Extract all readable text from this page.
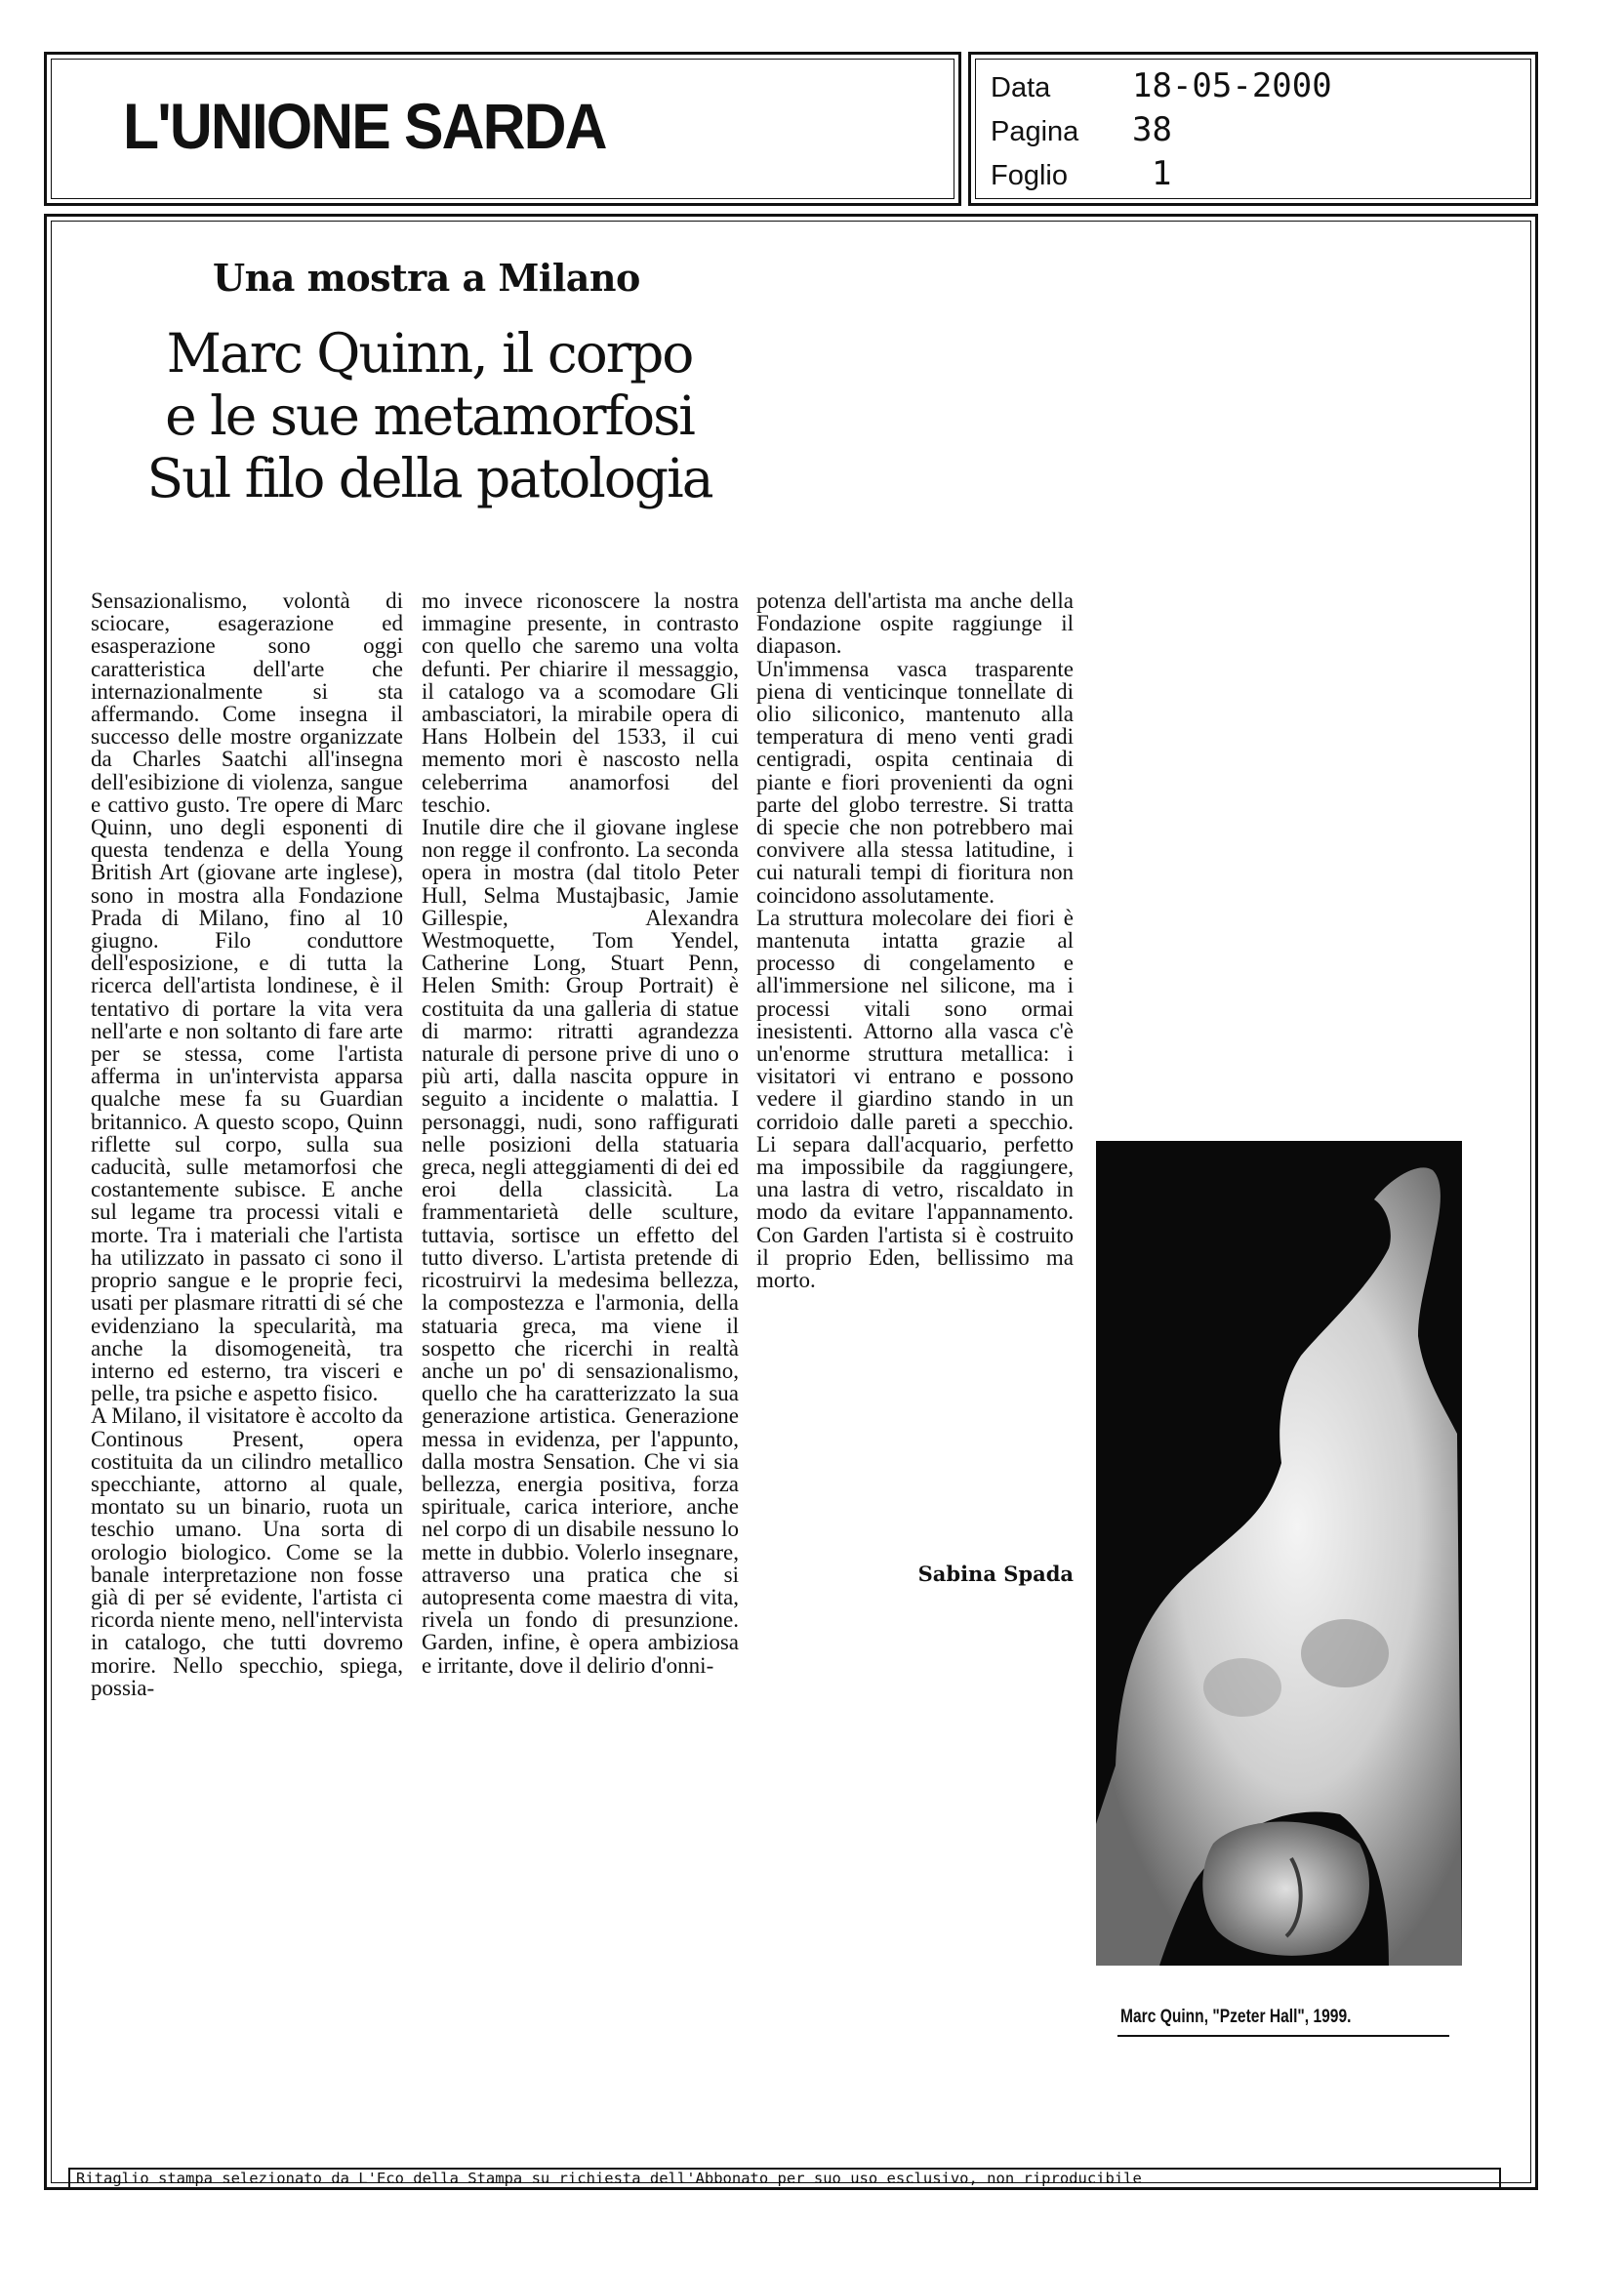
L'UNIONE SARDA
Data 18-05-2000
Pagina 38
Foglio	1
Una mostra a Milano
Marc Quinn, il corpo
e le sue metamorfosi
Sul filo della patologia
Sensazionalismo, volontà di sciocare, esagerazione ed esasperazione sono oggi caratteristica dell'arte che internazionalmente si sta affermando. Come insegna il successo delle mostre organizzate da Charles Saatchi all'insegna dell'esibizione di violenza, sangue e cattivo gusto. Tre opere di Marc Quinn, uno degli esponenti di questa tendenza e della Young British Art (giovane arte inglese), sono in mostra alla Fondazione Prada di Milano, fino al 10 giugno. Filo conduttore dell'esposizione, e di tutta la ricerca dell'artista londinese, è il tentativo di portare la vita vera nell'arte e non soltanto di fare arte per se stessa, come l'artista afferma in un'intervista apparsa qualche mese fa su Guardian britannico. A questo scopo, Quinn riflette sul corpo, sulla sua caducità, sulle metamorfosi che costantemente subisce. E anche sul legame tra processi vitali e morte. Tra i materiali che l'artista ha utilizzato in passato ci sono il proprio sangue e le proprie feci, usati per plasmare ritratti di sé che evidenziano la specularità, ma anche la disomogeneità, tra interno ed esterno, tra visceri e pelle, tra psiche e aspetto fisico.
A Milano, il visitatore è accolto da Continous Present, opera costituita da un cilindro metallico specchiante, attorno al quale, montato su un binario, ruota un teschio umano. Una sorta di orologio biologico. Come se la banale interpretazione non fosse già di per sé evidente, l'artista ci ricorda niente meno, nell'intervista in catalogo, che tutti dovremo morire. Nello specchio, spiega, possia-
mo invece riconoscere la nostra immagine presente, in contrasto con quello che saremo una volta defunti. Per chiarire il messaggio, il catalogo va a scomodare Gli ambasciatori, la mirabile opera di Hans Holbein del 1533, il cui memento mori è nascosto nella celeberrima anamorfosi del teschio.
Inutile dire che il giovane inglese non regge il confronto. La seconda opera in mostra (dal titolo Peter Hull, Selma Mustajbasic, Jamie Gillespie, Alexandra Westmoquette, Tom Yendel, Catherine Long, Stuart Penn, Helen Smith: Group Portrait) è costituita da una galleria di statue di marmo: ritratti agrandezza naturale di persone prive di uno o più arti, dalla nascita oppure in seguito a incidente o malattia. I personaggi, nudi, sono raffigurati nelle posizioni della statuaria greca, negli atteggiamenti di dei ed eroi della classicità. La frammentarietà delle sculture, tuttavia, sortisce un effetto del tutto diverso. L'artista pretende di ricostruirvi la medesima bellezza, la compostezza e l'armonia, della statuaria greca, ma viene il sospetto che ricerchi in realtà anche un po' di sensazionalismo, quello che ha caratterizzato la sua generazione artistica. Generazione messa in evidenza, per l'appunto, dalla mostra Sensation. Che vi sia bellezza, energia positiva, forza spirituale, carica interiore, anche nel corpo di un disabile nessuno lo mette in dubbio. Volerlo insegnare, attraverso una pratica che si autopresenta come maestra di vita, rivela un fondo di presunzione. Garden, infine, è opera ambiziosa e irritante, dove il delirio d'onni-
potenza dell'artista ma anche della Fondazione ospite raggiunge il diapason.
Un'immensa vasca trasparente piena di venticinque tonnellate di olio siliconico, mantenuto alla temperatura di meno venti gradi centigradi, ospita centinaia di piante e fiori provenienti da ogni parte del globo terrestre. Si tratta di specie che non potrebbero mai convivere alla stessa latitudine, i cui naturali tempi di fioritura non coincidono assolutamente.
La struttura molecolare dei fiori è mantenuta intatta grazie al processo di congelamento e all'immersione nel silicone, ma i processi vitali sono ormai inesistenti. Attorno alla vasca c'è un'enorme struttura metallica: i visitatori vi entrano e possono vedere il giardino stando in un corridoio dalle pareti a specchio. Li separa dall'acquario, perfetto ma impossibile da raggiungere, una lastra di vetro, riscaldato in modo da evitare l'appannamento. Con Garden l'artista si è costruito il proprio Eden, bellissimo ma morto.
Sabina Spada
Marc Quinn, "Pzeter Hall", 1999.
Ritaglio stampa selezionato da L'Eco della Stampa su richiesta dell'Abbonato per suo uso esclusivo, non riproducibile
